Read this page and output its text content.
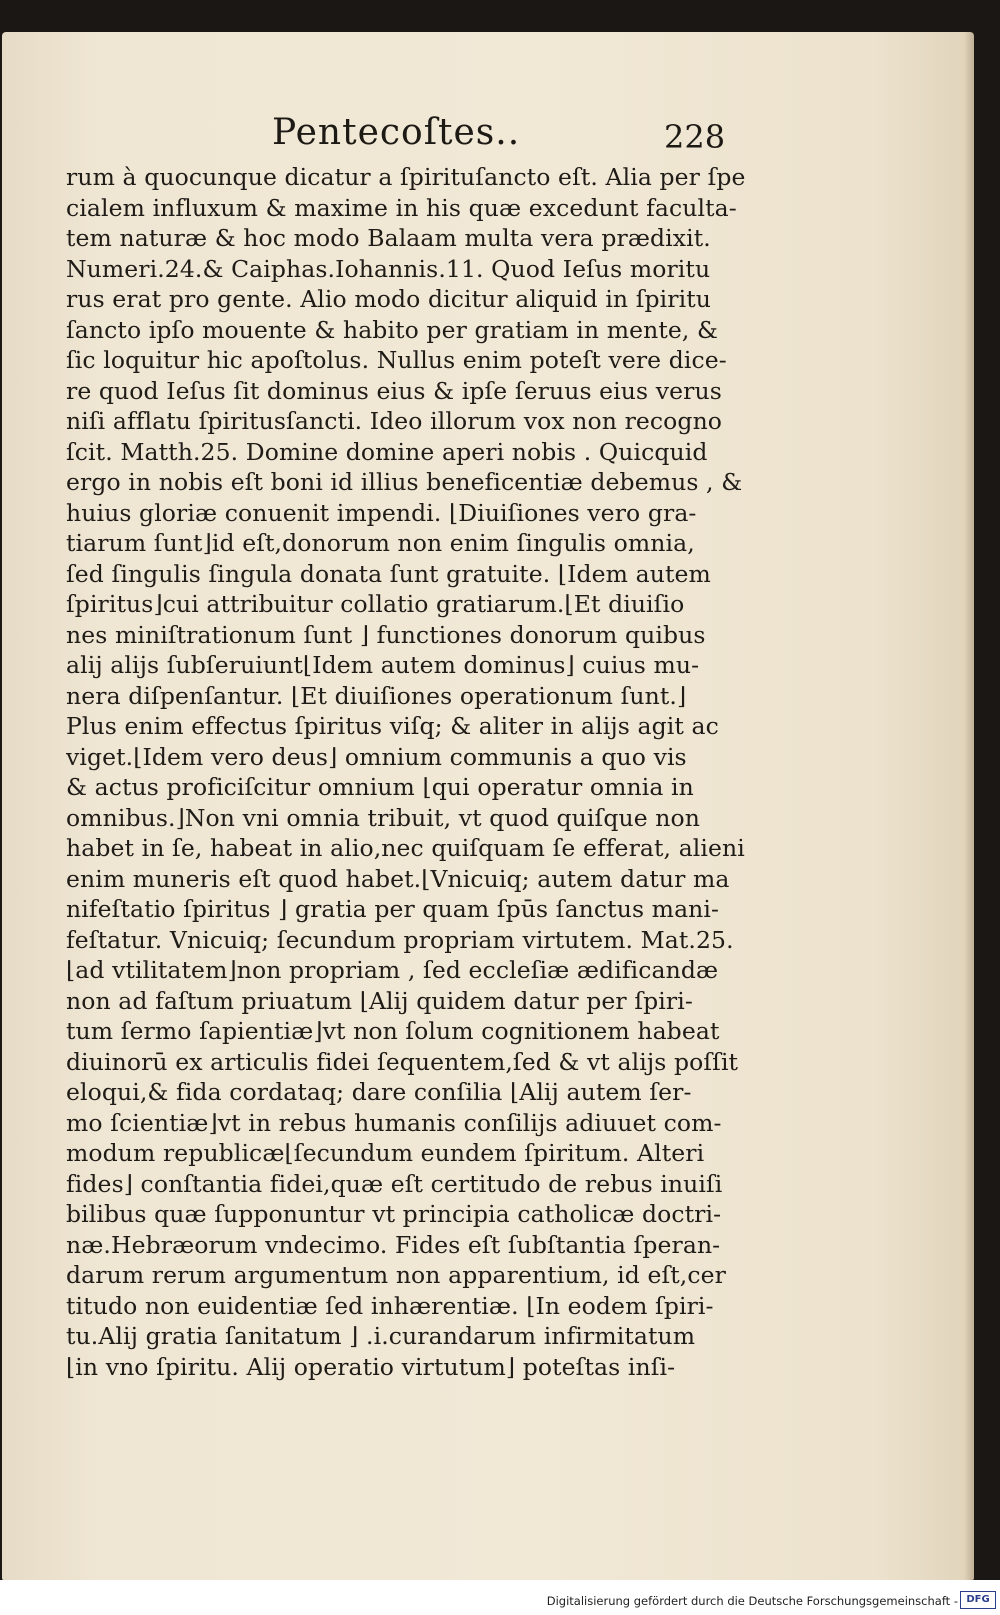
Pentecoſtes..	228
rum à quocunque dicatur a ſpirituſancto eſt. Alia per ſpe
cialem influxum & maxime in his quæ excedunt faculta-
tem naturæ & hoc modo Balaam multa vera prædixit.
Numeri.24.& Caiphas.Iohannis.11. Quod Ieſus moritu
rus erat pro gente. Alio modo dicitur aliquid in ſpiritu
ſancto ipſo mouente & habito per gratiam in mente, &
ſic loquitur hic apoſtolus. Nullus enim poteſt vere dice-
re quod Ieſus ſit dominus eius & ipſe ſeruus eius verus
niſi afflatu ſpiritusſancti. Ideo illorum vox non recogno
ſcit. Matth.25. Domine domine aperi nobis . Quicquid
ergo in nobis eſt boni id illius beneficentiæ debemus , &
huius gloriæ conuenit impendi. ⌊Diuiſiones vero gra-
tiarum ſunt⌋id eſt,donorum non enim ſingulis omnia,
ſed ſingulis ſingula donata ſunt gratuite. ⌊Idem autem
ſpiritus⌋cui attribuitur collatio gratiarum.⌊Et diuiſio
nes miniſtrationum ſunt ⌋ functiones donorum quibus
alij alijs ſubſeruiunt⌊Idem autem dominus⌋ cuius mu-
nera diſpenſantur. ⌊Et diuiſiones operationum ſunt.⌋
Plus enim effectus ſpiritus viſq; & aliter in alijs agit ac
viget.⌊Idem vero deus⌋ omnium communis a quo vis
& actus proficiſcitur omnium ⌊qui operatur omnia in
omnibus.⌋Non vni omnia tribuit, vt quod quiſque non
habet in ſe, habeat in alio,nec quiſquam ſe efferat, alieni
enim muneris eſt quod habet.⌊Vnicuiq; autem datur ma
nifeſtatio ſpiritus ⌋ gratia per quam ſpūs ſanctus mani-
feſtatur. Vnicuiq; ſecundum propriam virtutem. Mat.25.
⌊ad vtilitatem⌋non propriam , ſed eccleſiæ ædificandæ
non ad faſtum priuatum ⌊Alij quidem datur per ſpiri-
tum ſermo ſapientiæ⌋vt non ſolum cognitionem habeat
diuinorū ex articulis fidei ſequentem,ſed & vt alijs poſſit
eloqui,& fida cordataq; dare conſilia ⌊Alij autem ſer-
mo ſcientiæ⌋vt in rebus humanis conſilijs adiuuet com-
modum republicæ⌊ſecundum eundem ſpiritum. Alteri
fides⌋ conſtantia fidei,quæ eſt certitudo de rebus inuiſi
bilibus quæ ſupponuntur vt principia catholicæ doctri-
næ.Hebræorum vndecimo. Fides eſt ſubſtantia ſperan-
darum rerum argumentum non apparentium, id eſt,cer
titudo non euidentiæ ſed inhærentiæ. ⌊In eodem ſpiri-
tu.Alij gratia ſanitatum ⌋ .i.curandarum infirmitatum
⌊in vno ſpiritu. Alij operatio virtutum⌋ poteſtas inſi-
Digitalisierung gefördert durch die Deutsche Forschungsgemeinschaft - DFG
